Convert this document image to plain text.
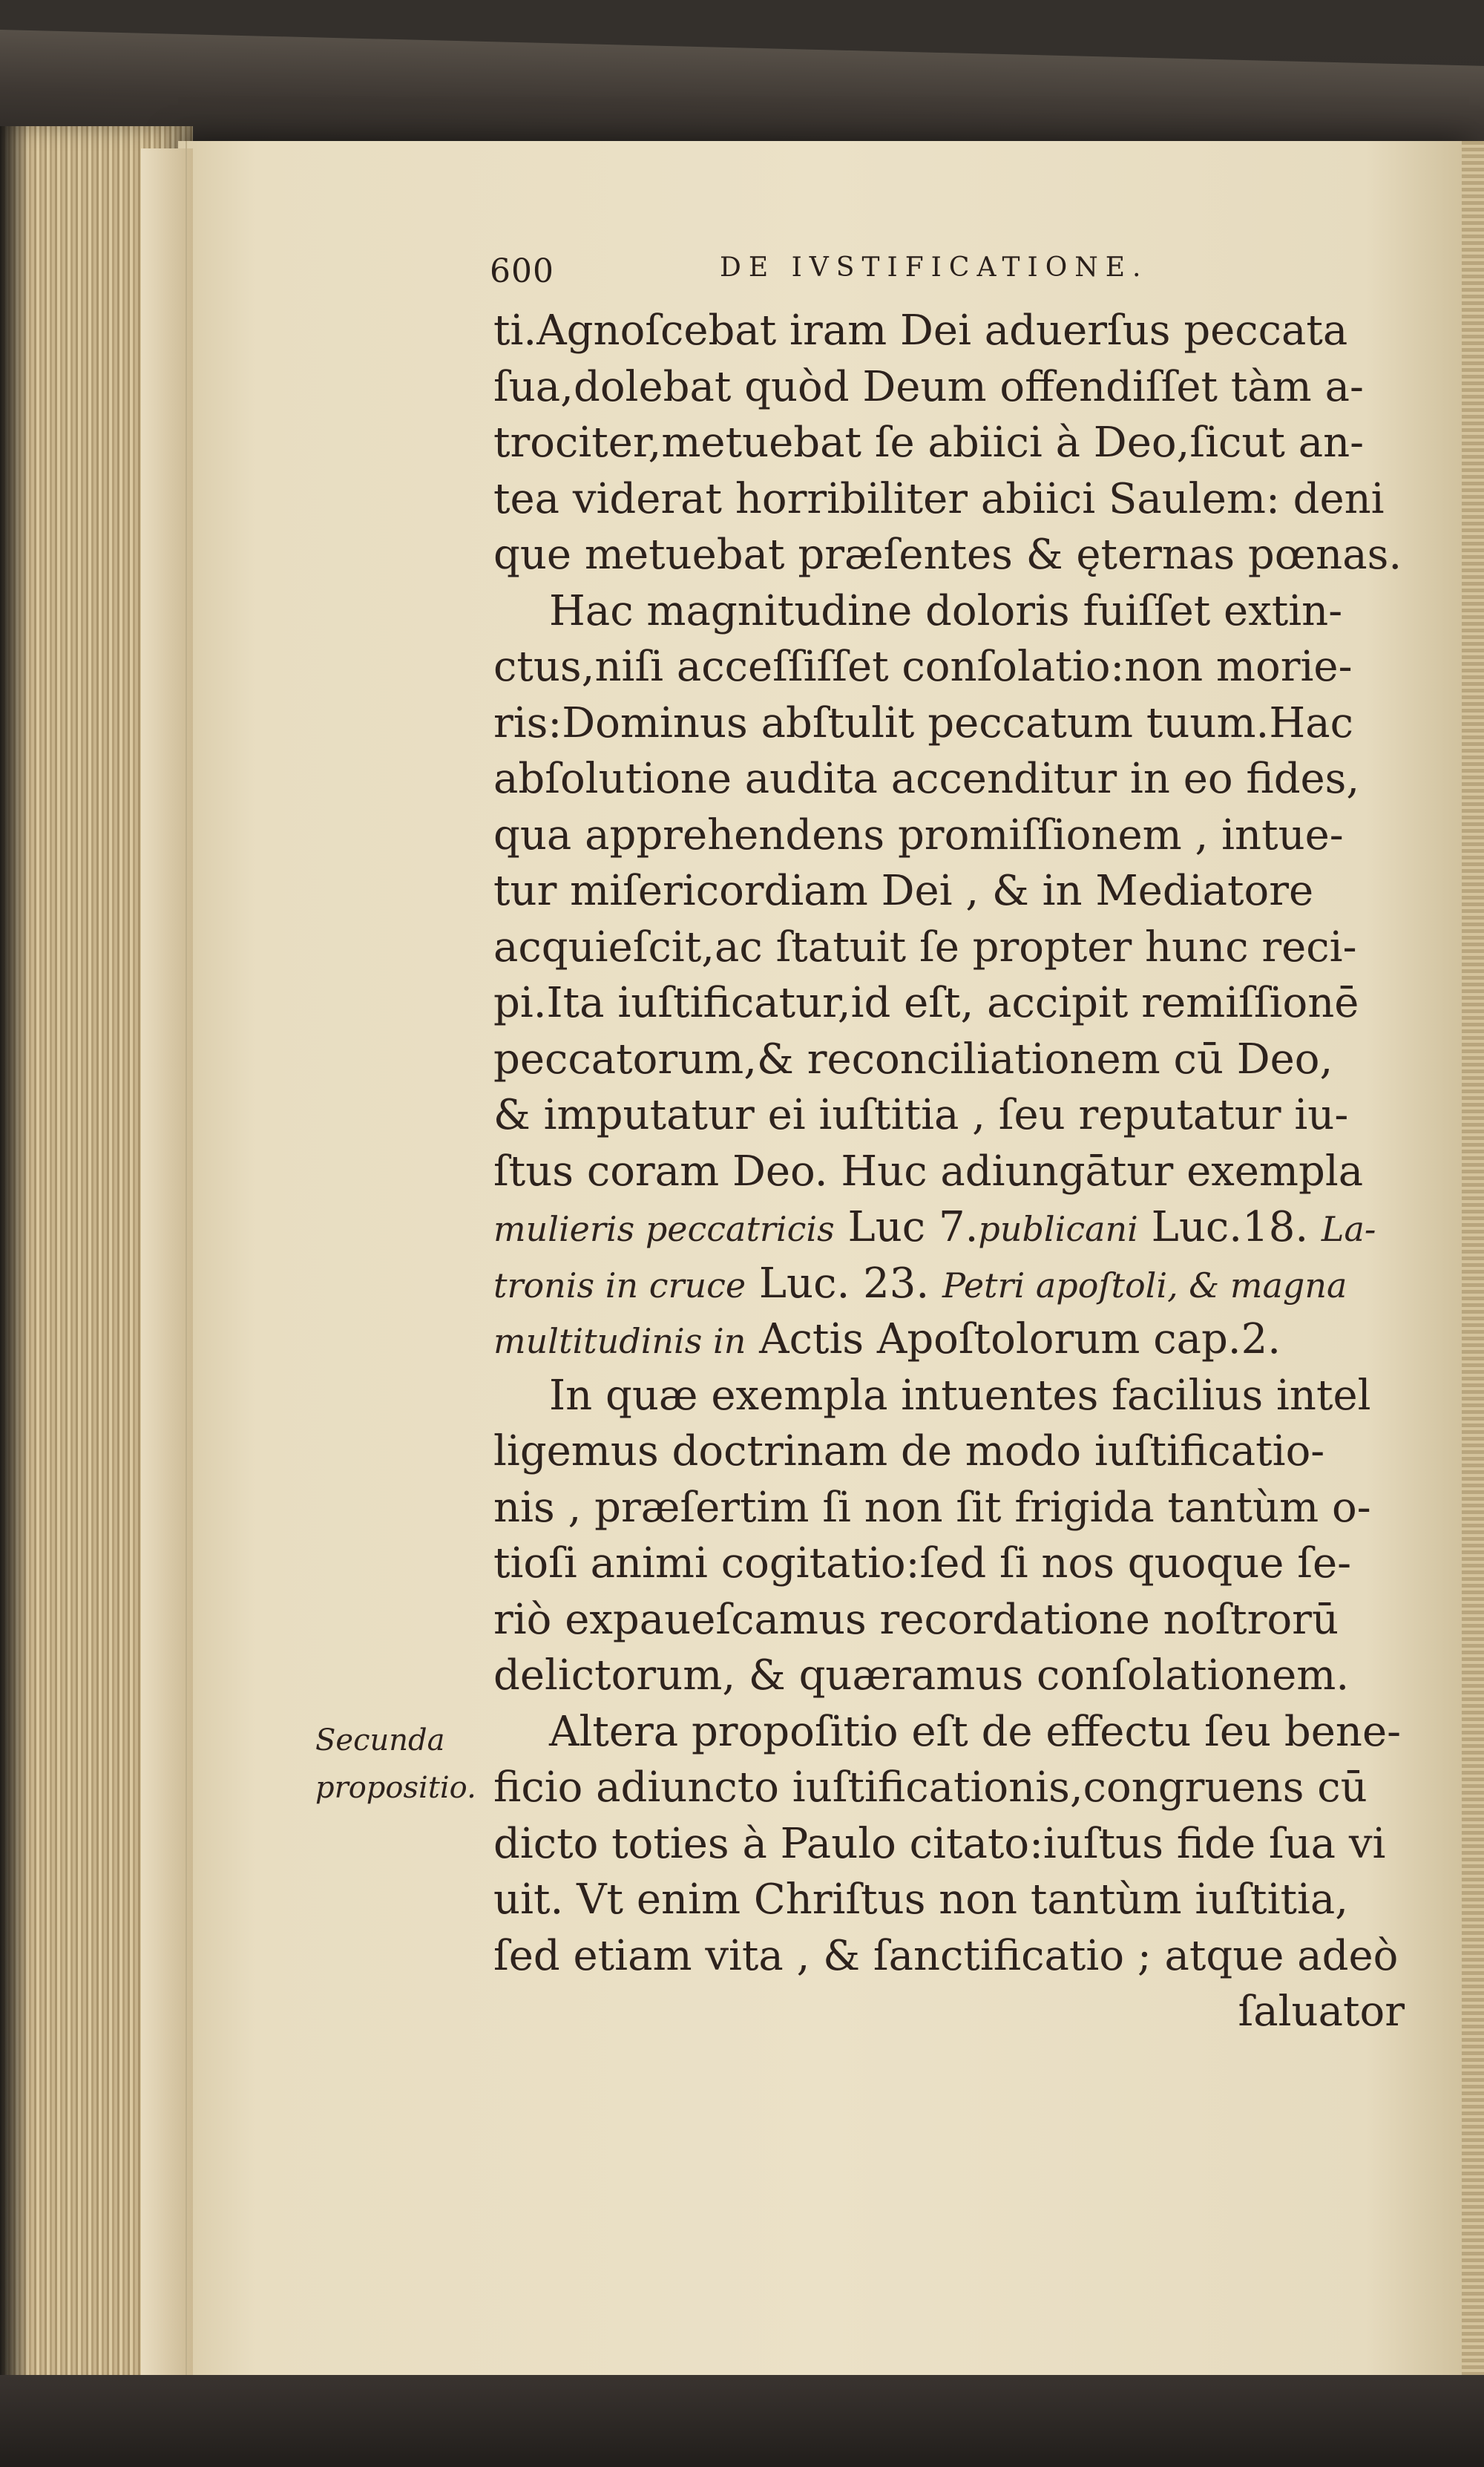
600	DE IVSTIFICATIONE.
Secunda
propositio.
ti.Agnoſcebat iram Dei aduerſus peccata
ſua,dolebat quòd Deum offendiſſet tàm a-
trociter,metuebat ſe abiici à Deo,ſicut an-
tea viderat horribiliter abiici Saulem: deni
que metuebat præſentes & ęternas pœnas.
Hac magnitudine doloris fuiſſet extin-
ctus,niſi acceſſiſſet conſolatio:non morie-
ris:Dominus abſtulit peccatum tuum.Hac
abſolutione audita accenditur in eo fides,
qua apprehendens promiſſionem , intue-
tur miſericordiam Dei , & in Mediatore
acquieſcit,ac ſtatuit ſe propter hunc reci-
pi.Ita iuſtificatur,id eſt, accipit remiſſionē
peccatorum,& reconciliationem cū Deo,
& imputatur ei iuſtitia , ſeu reputatur iu-
ſtus coram Deo. Huc adiungātur exempla
mulieris peccatricis Luc 7.publicani Luc.18. La-
tronis in cruce Luc. 23. Petri apoſtoli, & magna
multitudinis in Actis Apoſtolorum cap.2.
In quæ exempla intuentes facilius intel
ligemus doctrinam de modo iuſtificatio-
nis , præſertim ſi non ſit frigida tantùm o-
tioſi animi cogitatio:ſed ſi nos quoque ſe-
riò expaueſcamus recordatione noſtrorū
delictorum, & quæramus conſolationem.
Altera propoſitio eſt de effectu ſeu bene-
ficio adiuncto iuſtificationis,congruens cū
dicto toties à Paulo citato:iuſtus fide ſua vi
uit. Vt enim Chriſtus non tantùm iuſtitia,
ſed etiam vita , & ſanctificatio ; atque adeò
ſaluator
